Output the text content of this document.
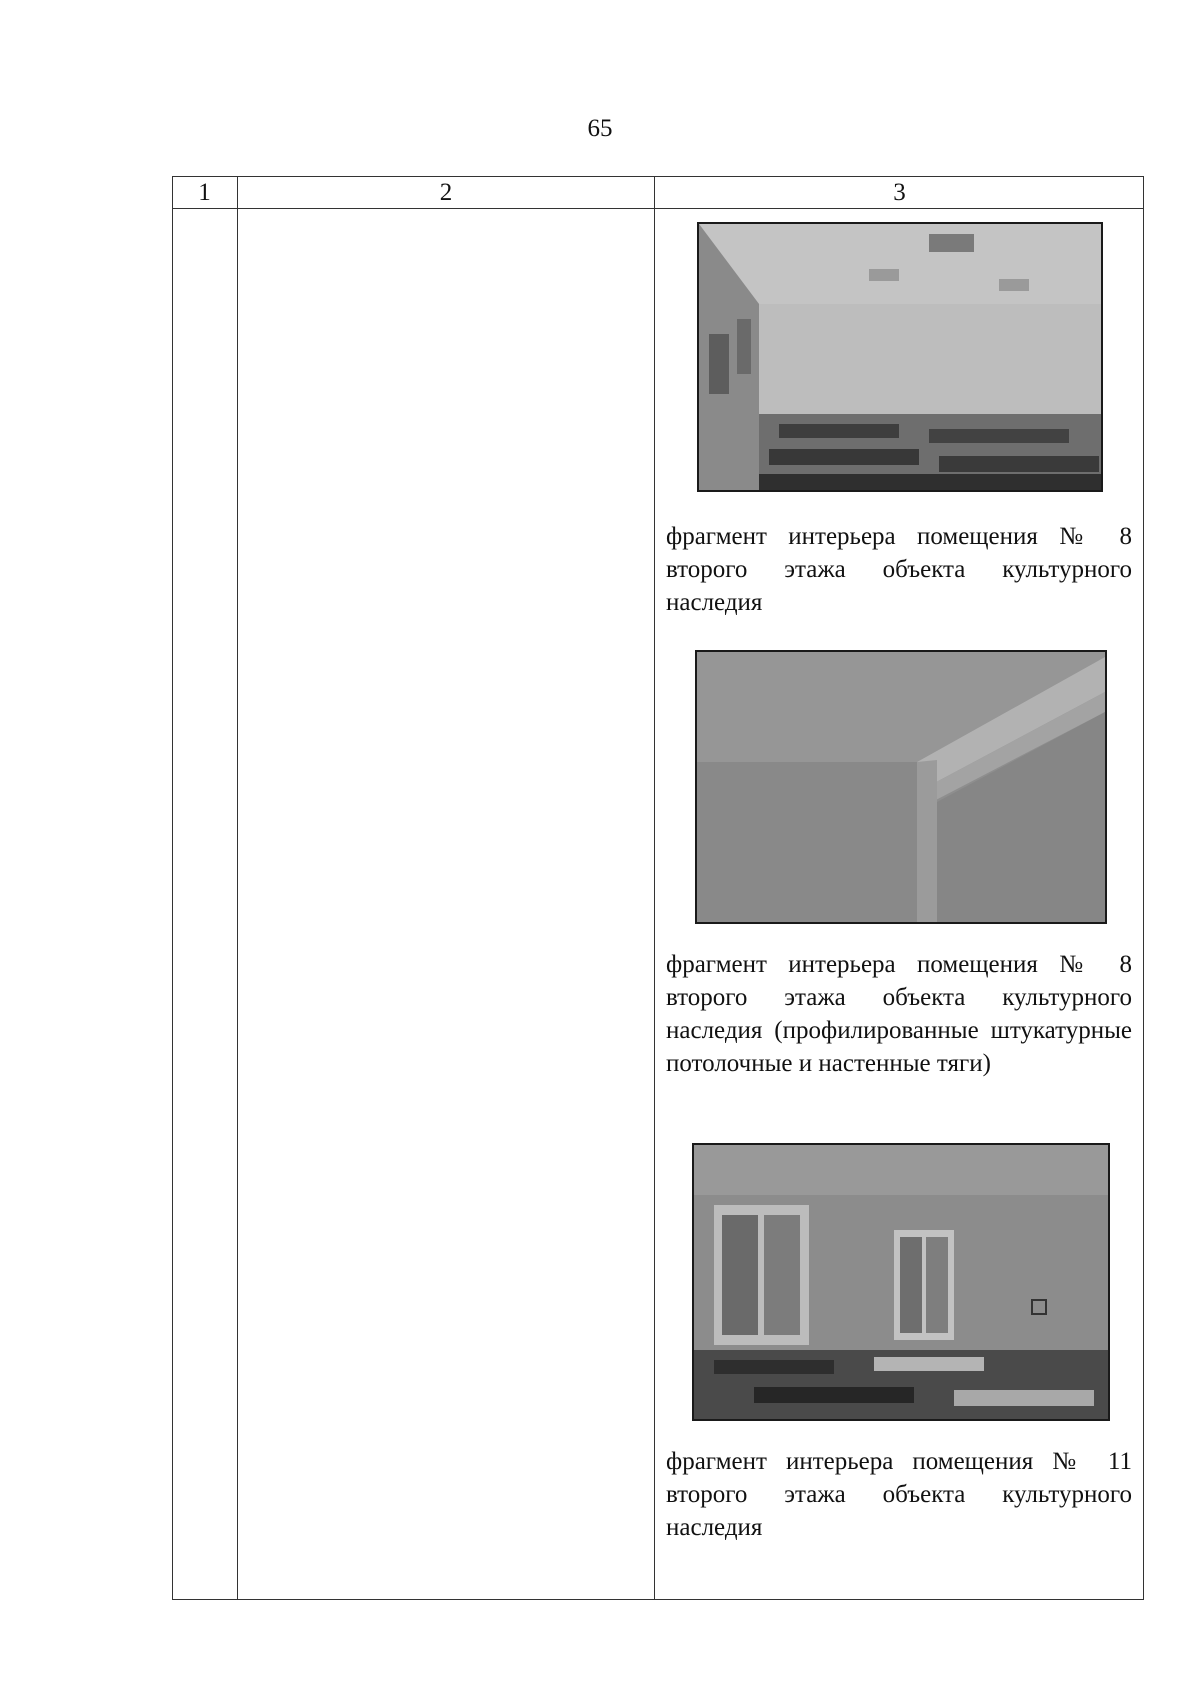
65
1	2	3
фрагмент интерьера помещения № 8 второго этажа объекта культурного наследия
фрагмент интерьера помещения № 8 второго этажа объекта культурного наследия (профилированные штукатурные потолочные и настенные тяги)
фрагмент интерьера помещения № 11 второго этажа объекта культурного наследия
